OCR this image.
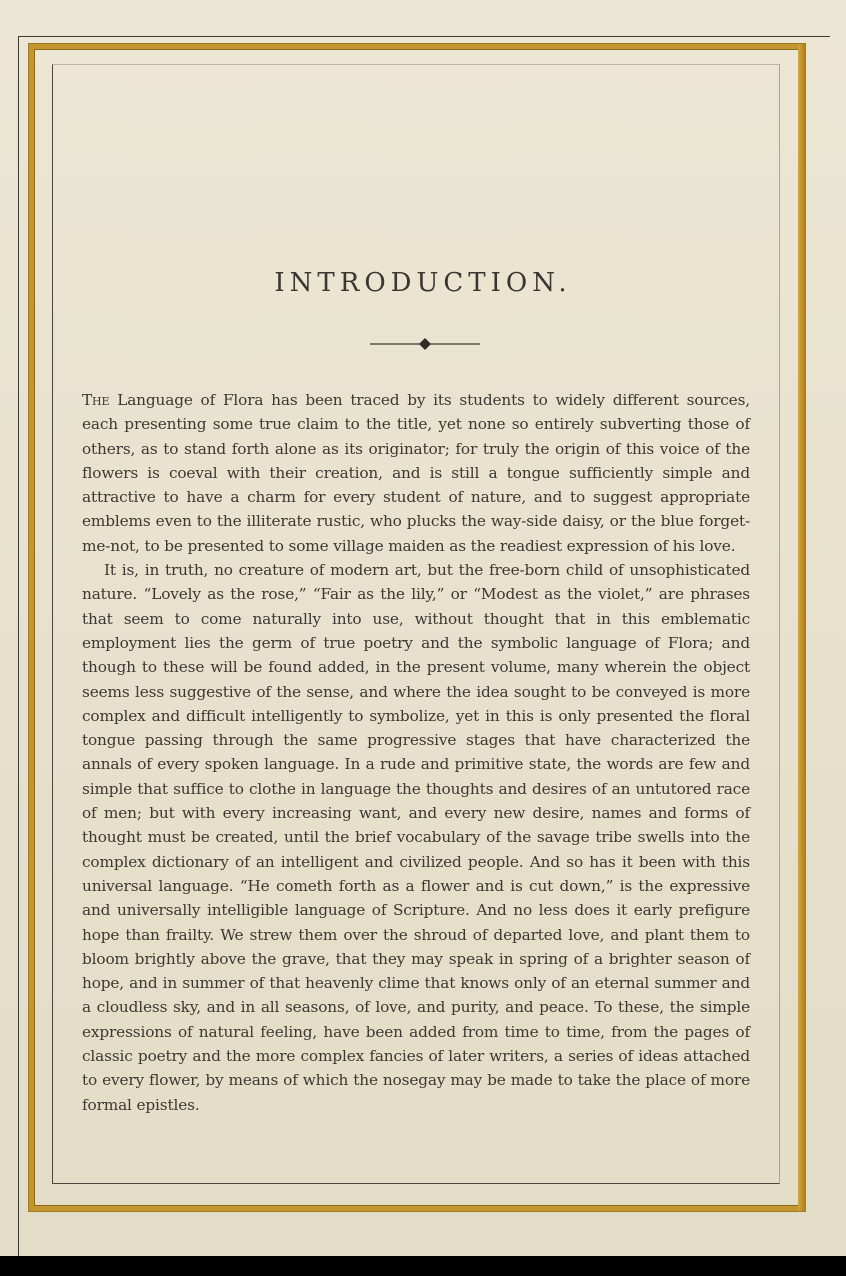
INTRODUCTION.

The Language of Flora has been traced by its students to widely different sources, each presenting some true claim to the title, yet none so entirely subverting those of others, as to stand forth alone as its originator; for truly the origin of this voice of the flowers is coeval with their creation, and is still a tongue sufficiently simple and attractive to have a charm for every student of nature, and to suggest appropriate emblems even to the illiterate rustic, who plucks the way-side daisy, or the blue forget-me-not, to be presented to some village maiden as the readiest expression of his love.

It is, in truth, no creature of modern art, but the free-born child of unsophisticated nature. “Lovely as the rose,” “Fair as the lily,” or “Modest as the violet,” are phrases that seem to come naturally into use, without thought that in this emblematic employment lies the germ of true poetry and the symbolic language of Flora; and though to these will be found added, in the present volume, many wherein the object seems less suggestive of the sense, and where the idea sought to be conveyed is more complex and difficult intelligently to symbolize, yet in this is only presented the floral tongue passing through the same progressive stages that have characterized the annals of every spoken language. In a rude and primitive state, the words are few and simple that suffice to clothe in language the thoughts and desires of an untutored race of men; but with every increasing want, and every new desire, names and forms of thought must be created, until the brief vocabulary of the savage tribe swells into the complex dictionary of an intelligent and civilized people. And so has it been with this universal language. “He cometh forth as a flower and is cut down,” is the expressive and universally intelligible language of Scripture. And no less does it early prefigure hope than frailty. We strew them over the shroud of departed love, and plant them to bloom brightly above the grave, that they may speak in spring of a brighter season of hope, and in summer of that heavenly clime that knows only of an eternal summer and a cloudless sky, and in all seasons, of love, and purity, and peace. To these, the simple expressions of natural feeling, have been added from time to time, from the pages of classic poetry and the more complex fancies of later writers, a series of ideas attached to every flower, by means of which the nosegay may be made to take the place of more formal epistles.
